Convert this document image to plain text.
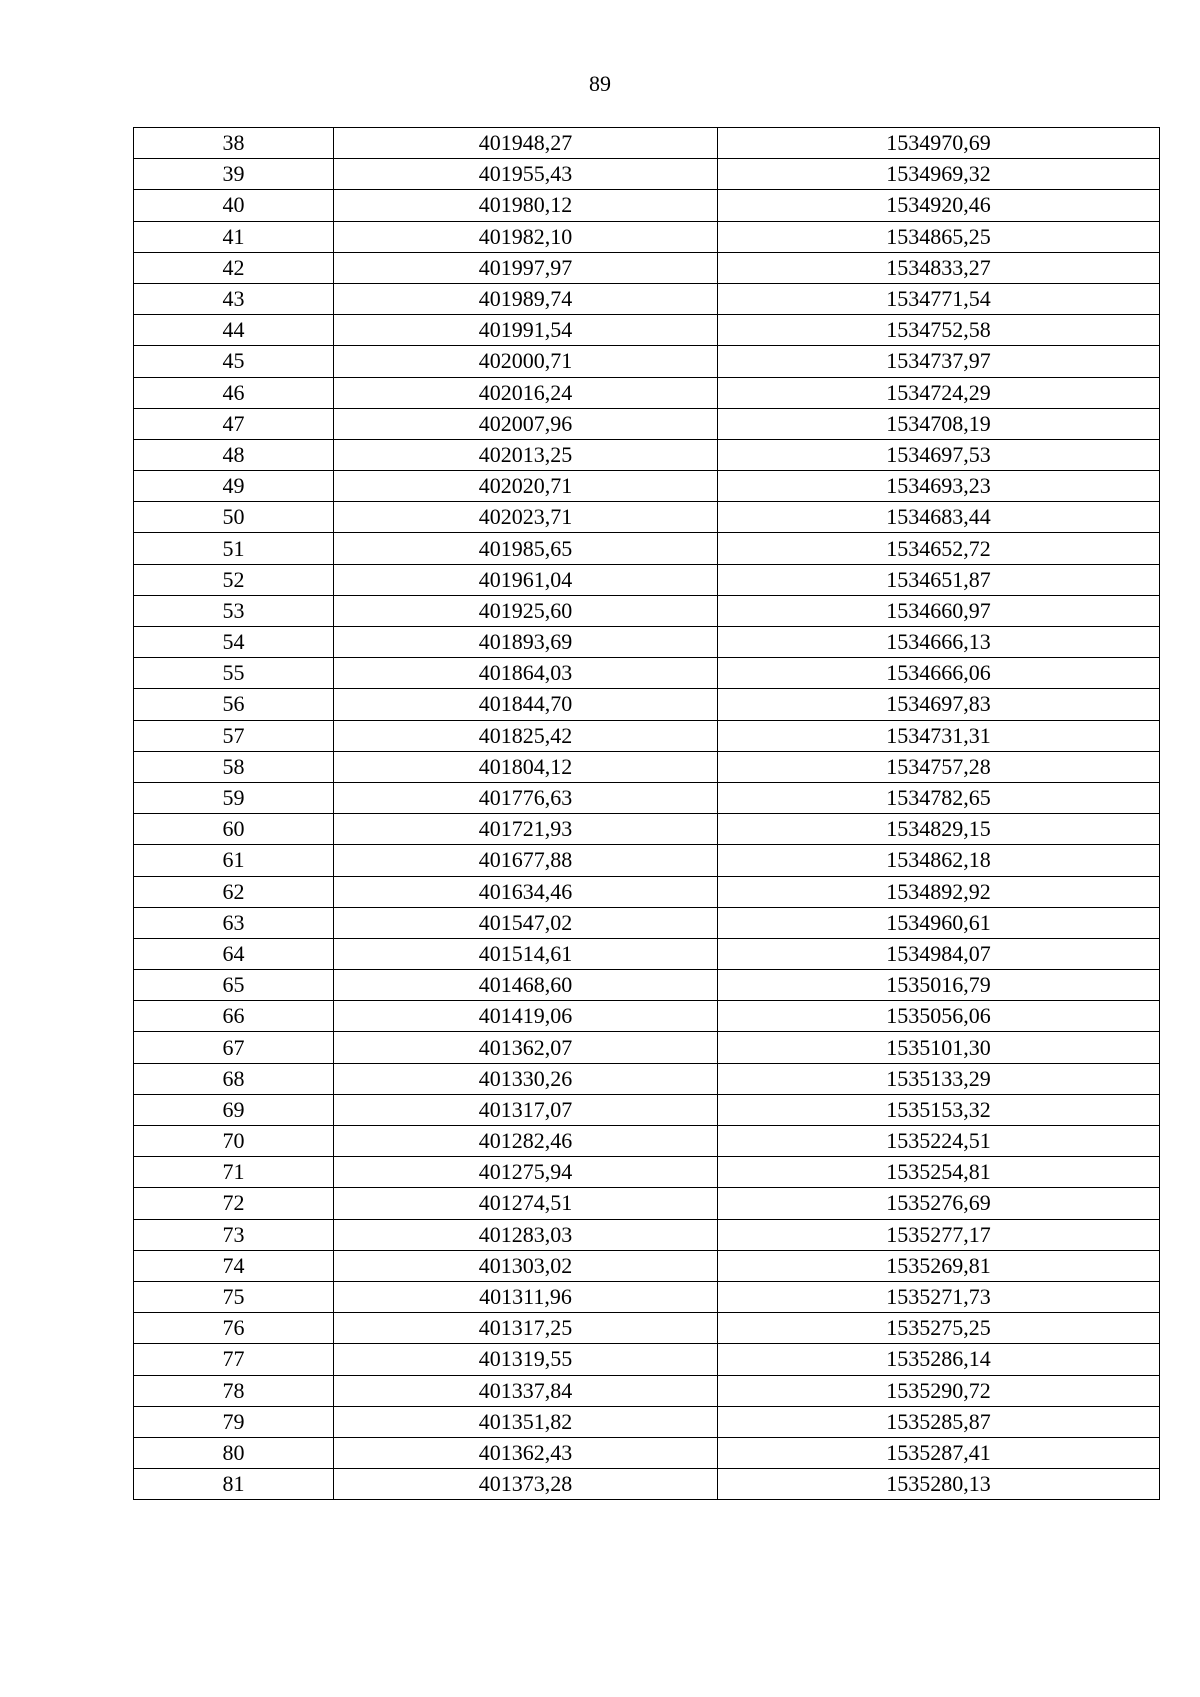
89
38	401948,27	1534970,69
39	401955,43	1534969,32
40	401980,12	1534920,46
41	401982,10	1534865,25
42	401997,97	1534833,27
43	401989,74	1534771,54
44	401991,54	1534752,58
45	402000,71	1534737,97
46	402016,24	1534724,29
47	402007,96	1534708,19
48	402013,25	1534697,53
49	402020,71	1534693,23
50	402023,71	1534683,44
51	401985,65	1534652,72
52	401961,04	1534651,87
53	401925,60	1534660,97
54	401893,69	1534666,13
55	401864,03	1534666,06
56	401844,70	1534697,83
57	401825,42	1534731,31
58	401804,12	1534757,28
59	401776,63	1534782,65
60	401721,93	1534829,15
61	401677,88	1534862,18
62	401634,46	1534892,92
63	401547,02	1534960,61
64	401514,61	1534984,07
65	401468,60	1535016,79
66	401419,06	1535056,06
67	401362,07	1535101,30
68	401330,26	1535133,29
69	401317,07	1535153,32
70	401282,46	1535224,51
71	401275,94	1535254,81
72	401274,51	1535276,69
73	401283,03	1535277,17
74	401303,02	1535269,81
75	401311,96	1535271,73
76	401317,25	1535275,25
77	401319,55	1535286,14
78	401337,84	1535290,72
79	401351,82	1535285,87
80	401362,43	1535287,41
81	401373,28	1535280,13
